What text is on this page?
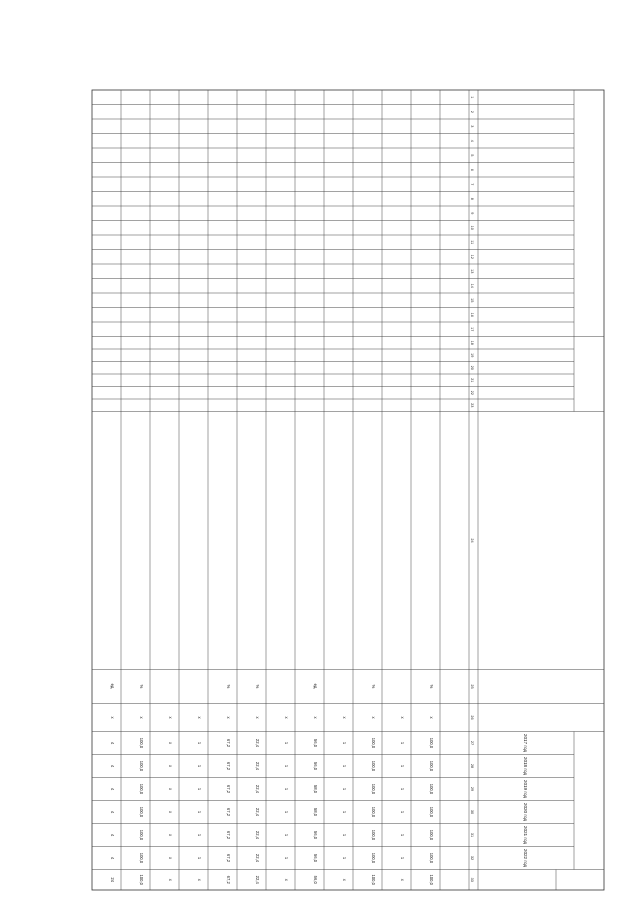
2017 год
2018 год
2019 год
2020 год
2021 год
2022 год
1
2
3
4
5
6
7
8
9
10
11
12
13
14
15
16
17
18
19
20
21
22
23
24
25
26
27
28
29
30
31
32
33
%
х
100,0
100,0
100,0
100,0
100,0
100,0
100,0
х
1
1
1
1
1
1
х
%
х
100,0
100,0
100,0
100,0
100,0
100,0
100,0
х
1
1
1
1
1
1
х
ед.
х
56,0
56,0
58,0
58,0
56,0
56,0
56,0
х
1
1
1
1
1
1
х
%
х
22,4
22,4
22,4
22,4
22,4
22,4
22,4
%
х
67,2
67,2
67,2
67,2
67,2
67,2
67,2
х
1
1
1
1
1
1
х
х
х
х
х
х
х
х
х
%
х
100,0
100,0
100,0
100,0
100,0
100,0
100,0
ед.
х
4
4
4
4
4
4
24
